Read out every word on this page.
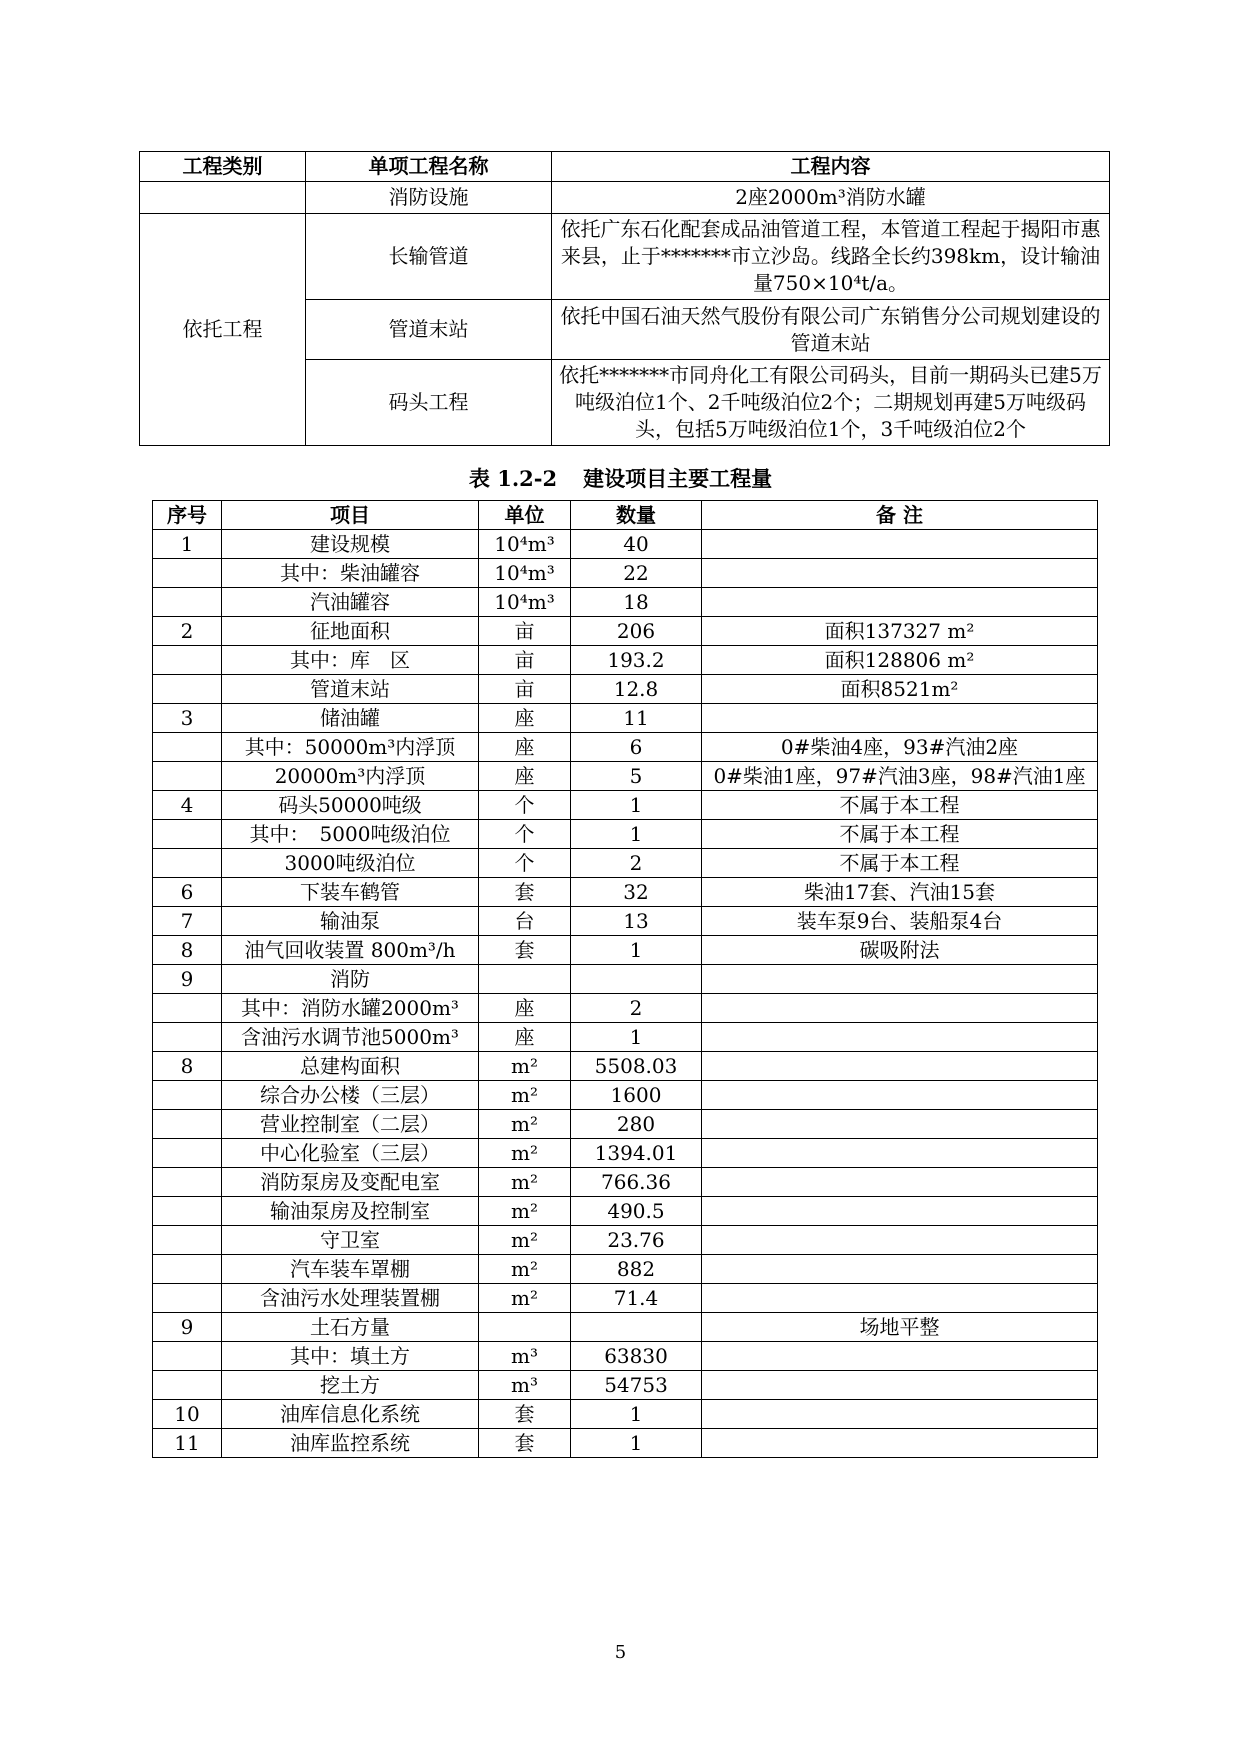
工程类别	单项工程名称	工程内容
	消防设施	2座2000m³消防水罐
依托工程	长输管道	依托广东石化配套成品油管道工程，本管道工程起于揭阳市惠来县，止于*******市立沙岛。线路全长约398km，设计输油量750×10⁴t/a。
	管道末站	依托中国石油天然气股份有限公司广东销售分公司规划建设的管道末站
	码头工程	依托*******市同舟化工有限公司码头，目前一期码头已建5万吨级泊位1个、2千吨级泊位2个；二期规划再建5万吨级码头，包括5万吨级泊位1个，3千吨级泊位2个
表 1.2-2 建设项目主要工程量
序号	项目	单位	数量	备 注
1	建设规模	10⁴m³	40	
	其中：柴油罐容	10⁴m³	22	
	汽油罐容	10⁴m³	18	
2	征地面积	亩	206	面积137327 m²
	其中：库　区	亩	193.2	面积128806 m²
	管道末站	亩	12.8	面积8521m²
3	储油罐	座	11	
	其中：50000m³内浮顶	座	6	0#柴油4座，93#汽油2座
	20000m³内浮顶	座	5	0#柴油1座，97#汽油3座，98#汽油1座
4	码头50000吨级	个	1	不属于本工程
	其中：　5000吨级泊位	个	1	不属于本工程
	3000吨级泊位	个	2	不属于本工程
6	下装车鹤管	套	32	柴油17套、汽油15套
7	输油泵	台	13	装车泵9台、装船泵4台
8	油气回收装置 800m³/h	套	1	碳吸附法
9	消防			
	其中：消防水罐2000m³	座	2	
	含油污水调节池5000m³	座	1	
8	总建构面积	m²	5508.03	
	综合办公楼（三层）	m²	1600	
	营业控制室（二层）	m²	280	
	中心化验室（三层）	m²	1394.01	
	消防泵房及变配电室	m²	766.36	
	输油泵房及控制室	m²	490.5	
	守卫室	m²	23.76	
	汽车装车罩棚	m²	882	
	含油污水处理装置棚	m²	71.4	
9	土石方量			场地平整
	其中：填土方	m³	63830	
	挖土方	m³	54753	
10	油库信息化系统	套	1	
11	油库监控系统	套	1	
5
